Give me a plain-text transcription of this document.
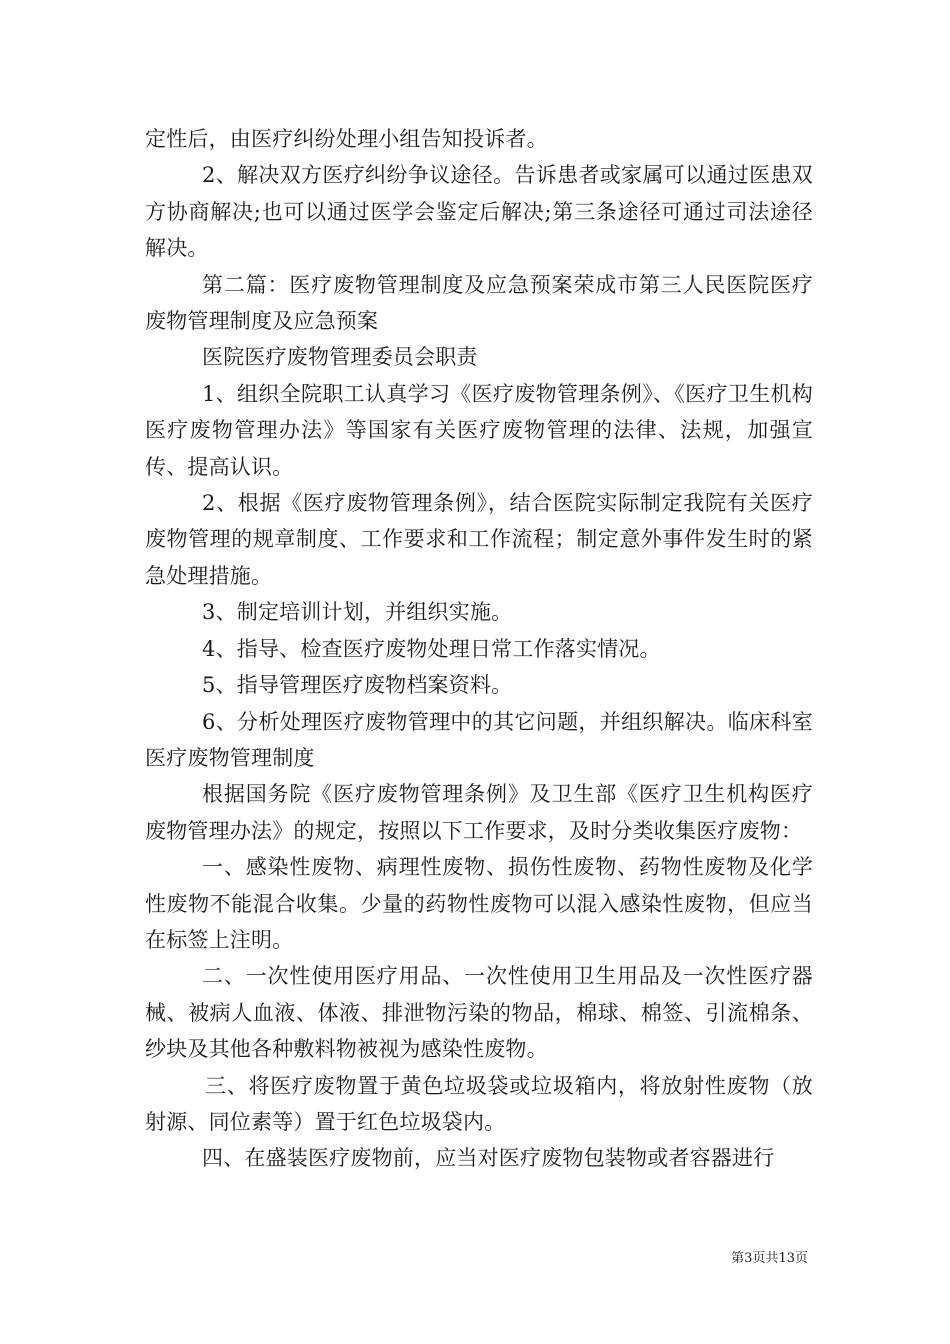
定性后，由医疗纠纷处理小组告知投诉者。

2、解决双方医疗纠纷争议途径。告诉患者或家属可以通过医患双方协商解决;也可以通过医学会鉴定后解决;第三条途径可通过司法途径解决。

第二篇：医疗废物管理制度及应急预案荣成市第三人民医院医疗废物管理制度及应急预案

医院医疗废物管理委员会职责

1、组织全院职工认真学习《医疗废物管理条例》、《医疗卫生机构医疗废物管理办法》等国家有关医疗废物管理的法律、法规，加强宣传、提高认识。

2、根据《医疗废物管理条例》，结合医院实际制定我院有关医疗废物管理的规章制度、工作要求和工作流程；制定意外事件发生时的紧急处理措施。

3、制定培训计划，并组织实施。

4、指导、检查医疗废物处理日常工作落实情况。

5、指导管理医疗废物档案资料。

6、分析处理医疗废物管理中的其它问题，并组织解决。临床科室医疗废物管理制度

根据国务院《医疗废物管理条例》及卫生部《医疗卫生机构医疗废物管理办法》的规定，按照以下工作要求，及时分类收集医疗废物：

一、感染性废物、病理性废物、损伤性废物、药物性废物及化学性废物不能混合收集。少量的药物性废物可以混入感染性废物，但应当在标签上注明。

二、一次性使用医疗用品、一次性使用卫生用品及一次性医疗器械、被病人血液、体液、排泄物污染的物品，棉球、棉签、引流棉条、纱块及其他各种敷料物被视为感染性废物。

三、将医疗废物置于黄色垃圾袋或垃圾箱内，将放射性废物（放射源、同位素等）置于红色垃圾袋内。

四、在盛装医疗废物前，应当对医疗废物包装物或者容器进行

第3页共13页
